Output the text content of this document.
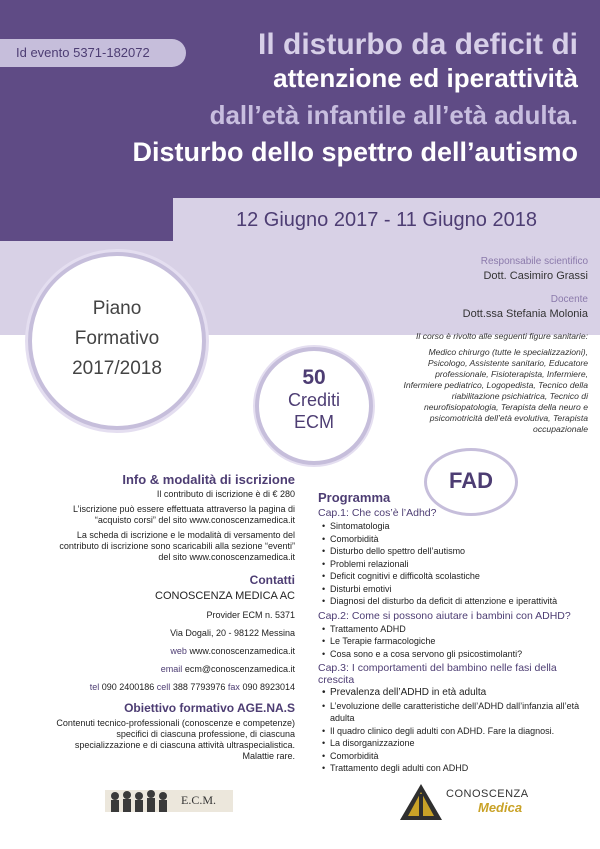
Id evento 5371-182072	Il disturbo da deficit di
attenzione ed iperattività
dall’età infantile all’età adulta.
Disturbo dello spettro dell’autismo
12 Giugno 2017 - 11 Giugno 2018
Piano
Formativo
2017/2018	50
Crediti
ECM
FAD
Responsabile scientifico
Dott. Casimiro Grassi
Docente
Dott.ssa Stefania Molonia
Il corso è rivolto alle seguenti figure sanitarie:
Medico chirurgo (tutte le specializzazioni), Psicologo, Assistente sanitario, Educatore professionale, Fisioterapista, Infermiere, Infermiere pediatrico, Logopedista, Tecnico della riabilitazione psichiatrica, Tecnico di neurofisiopatologia, Terapista della neuro e psicomotricità dell’età evolutiva, Terapista occupazionale
Info & modalità di iscrizione
Il contributo di iscrizione è di € 280
L’iscrizione può essere effettuata attraverso la pagina di “acquisto corsi” del sito www.conoscenzamedica.it
La scheda di iscrizione e le modalità di versamento del contributo di iscrizione sono scaricabili alla sezione “eventi” del sito www.conoscenzamedica.it
Contatti
CONOSCENZA MEDICA AC
Provider ECM n. 5371
Via Dogali, 20 - 98122 Messina
web www.conoscenzamedica.it
email ecm@conoscenzamedica.it
tel 090 2400186 cell 388 7793976 fax 090 8923014
Obiettivo formativo AGE.NA.S
Contenuti tecnico-professionali (conoscenze e competenze) specifici di ciascuna professione, di ciascuna specializzazione e di ciascuna attività ultraspecialistica. Malattie rare.
Programma
Cap.1: Che cos’è l’Adhd?
• Sintomatologia
• Comorbidità
• Disturbo dello spettro dell’autismo
• Problemi relazionali
• Deficit cognitivi e difficoltà scolastiche
• Disturbi emotivi
• Diagnosi del disturbo da deficit di attenzione e iperattività
Cap.2: Come si possono aiutare i bambini con ADHD?
• Trattamento ADHD
• Le Terapie farmacologiche
• Cosa sono e a cosa servono gli psicostimolanti?
Cap.3: I comportamenti del bambino nelle fasi della crescita
• Prevalenza dell’ADHD in età adulta
• L’evoluzione delle caratteristiche dell’ADHD dall’infanzia all’età adulta
• Il quadro clinico degli adulti con ADHD. Fare la diagnosi.
• La disorganizzazione
• Comorbidità
• Trattamento degli adulti con ADHD
E.C.M.	CONOSCENZA
Medica
